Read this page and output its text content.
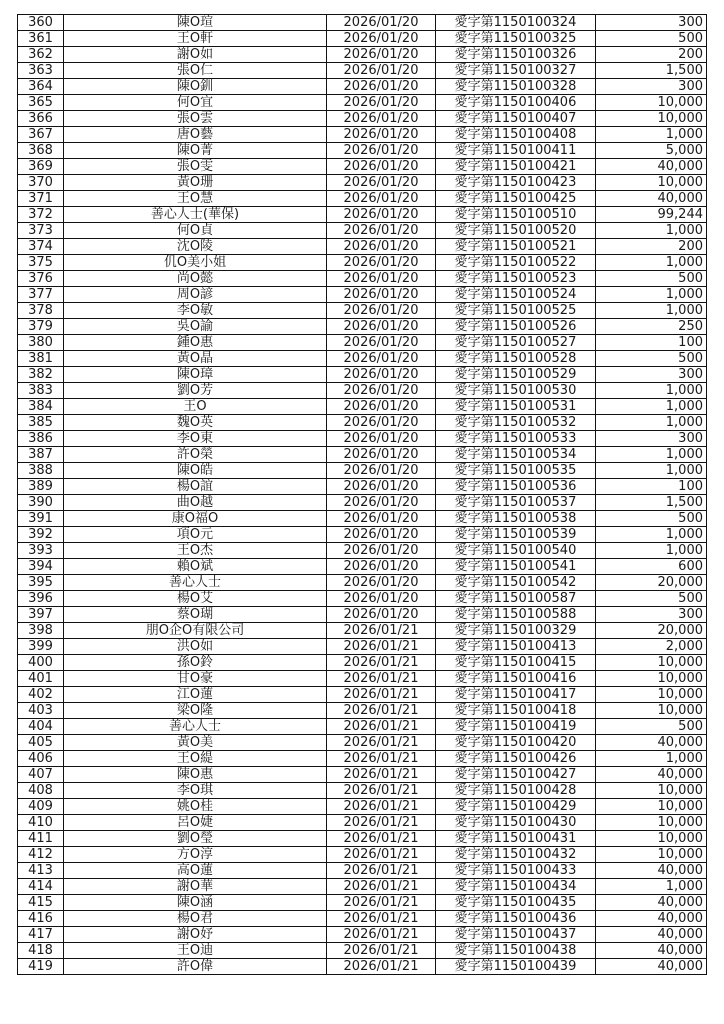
360	陳O瑄	2026/01/20	愛字第1150100324	300
361	王O軒	2026/01/20	愛字第1150100325	500
362	謝O如	2026/01/20	愛字第1150100326	200
363	張O仁	2026/01/20	愛字第1150100327	1,500
364	陳O釧	2026/01/20	愛字第1150100328	300
365	何O宜	2026/01/20	愛字第1150100406	10,000
366	張O雲	2026/01/20	愛字第1150100407	10,000
367	唐O藝	2026/01/20	愛字第1150100408	1,000
368	陳O菁	2026/01/20	愛字第1150100411	5,000
369	張O雯	2026/01/20	愛字第1150100421	40,000
370	黃O珊	2026/01/20	愛字第1150100423	10,000
371	王O慧	2026/01/20	愛字第1150100425	40,000
372	善心人士(華保)	2026/01/20	愛字第1150100510	99,244
373	何O貞	2026/01/20	愛字第1150100520	1,000
374	沈O陵	2026/01/20	愛字第1150100521	200
375	仉O美小姐	2026/01/20	愛字第1150100522	1,000
376	尚O懿	2026/01/20	愛字第1150100523	500
377	周O諺	2026/01/20	愛字第1150100524	1,000
378	李O敏	2026/01/20	愛字第1150100525	1,000
379	吳O諭	2026/01/20	愛字第1150100526	250
380	鍾O惠	2026/01/20	愛字第1150100527	100
381	黃O晶	2026/01/20	愛字第1150100528	500
382	陳O璋	2026/01/20	愛字第1150100529	300
383	劉O芳	2026/01/20	愛字第1150100530	1,000
384	王O	2026/01/20	愛字第1150100531	1,000
385	魏O英	2026/01/20	愛字第1150100532	1,000
386	李O東	2026/01/20	愛字第1150100533	300
387	許O榮	2026/01/20	愛字第1150100534	1,000
388	陳O皓	2026/01/20	愛字第1150100535	1,000
389	楊O誼	2026/01/20	愛字第1150100536	100
390	曲O越	2026/01/20	愛字第1150100537	1,500
391	康O福O	2026/01/20	愛字第1150100538	500
392	項O元	2026/01/20	愛字第1150100539	1,000
393	王O杰	2026/01/20	愛字第1150100540	1,000
394	賴O斌	2026/01/20	愛字第1150100541	600
395	善心人士	2026/01/20	愛字第1150100542	20,000
396	楊O艾	2026/01/20	愛字第1150100587	500
397	蔡O瑚	2026/01/20	愛字第1150100588	300
398	朋O企O有限公司	2026/01/21	愛字第1150100329	20,000
399	洪O如	2026/01/21	愛字第1150100413	2,000
400	孫O鈴	2026/01/21	愛字第1150100415	10,000
401	甘O豪	2026/01/21	愛字第1150100416	10,000
402	江O蓮	2026/01/21	愛字第1150100417	10,000
403	梁O隆	2026/01/21	愛字第1150100418	10,000
404	善心人士	2026/01/21	愛字第1150100419	500
405	黃O美	2026/01/21	愛字第1150100420	40,000
406	王O緹	2026/01/21	愛字第1150100426	1,000
407	陳O惠	2026/01/21	愛字第1150100427	40,000
408	李O琪	2026/01/21	愛字第1150100428	10,000
409	姚O桂	2026/01/21	愛字第1150100429	10,000
410	呂O婕	2026/01/21	愛字第1150100430	10,000
411	劉O瑩	2026/01/21	愛字第1150100431	10,000
412	方O淳	2026/01/21	愛字第1150100432	10,000
413	高O蓮	2026/01/21	愛字第1150100433	40,000
414	謝O華	2026/01/21	愛字第1150100434	1,000
415	陳O涵	2026/01/21	愛字第1150100435	40,000
416	楊O君	2026/01/21	愛字第1150100436	40,000
417	謝O妤	2026/01/21	愛字第1150100437	40,000
418	王O迪	2026/01/21	愛字第1150100438	40,000
419	許O偉	2026/01/21	愛字第1150100439	40,000
